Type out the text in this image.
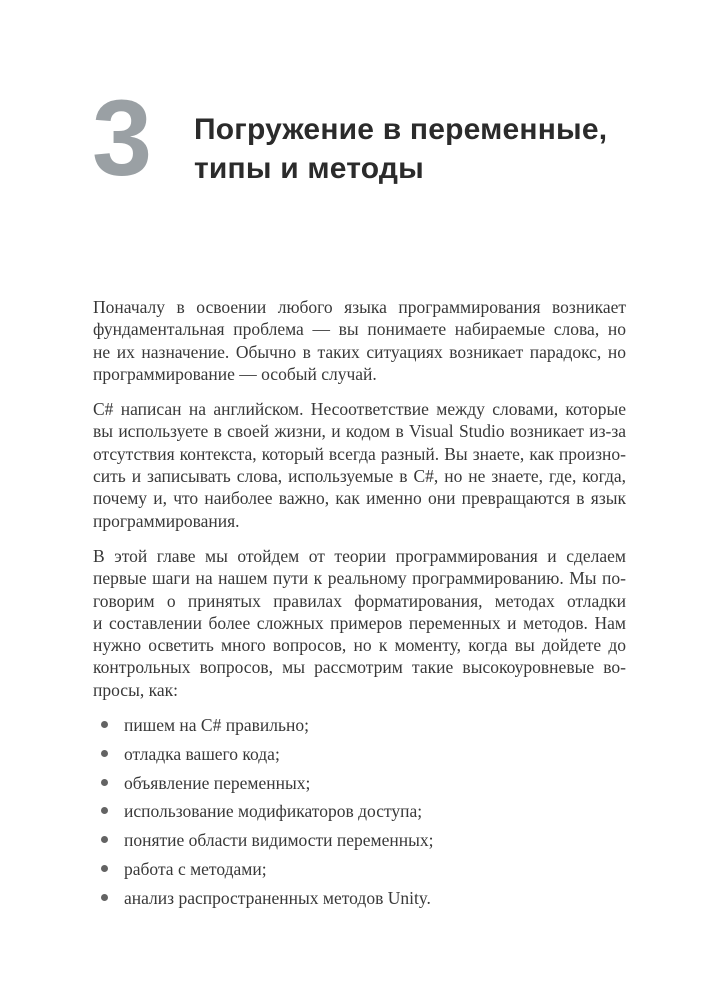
3 Погружение в переменные,
типы и методы
Поначалу в освоении любого языка программирования возникает
фундаментальная проблема — вы понимаете набираемые слова, но
не их назначение. Обычно в таких ситуациях возникает парадокс, но
программирование — особый случай.
C# написан на английском. Несоответствие между словами, которые
вы используете в своей жизни, и кодом в Visual Studio возникает из-за
отсутствия контекста, который всегда разный. Вы знаете, как произно-
сить и записывать слова, используемые в C#, но не знаете, где, когда,
почему и, что наиболее важно, как именно они превращаются в язык
программирования.
В этой главе мы отойдем от теории программирования и сделаем
первые шаги на нашем пути к реальному программированию. Мы по-
говорим о принятых правилах форматирования, методах отладки
и составлении более сложных примеров переменных и методов. Нам
нужно осветить много вопросов, но к моменту, когда вы дойдете до
контрольных вопросов, мы рассмотрим такие высокоуровневые во-
просы, как:
пишем на C# правильно;
отладка вашего кода;
объявление переменных;
использование модификаторов доступа;
понятие области видимости переменных;
работа с методами;
анализ распространенных методов Unity.
